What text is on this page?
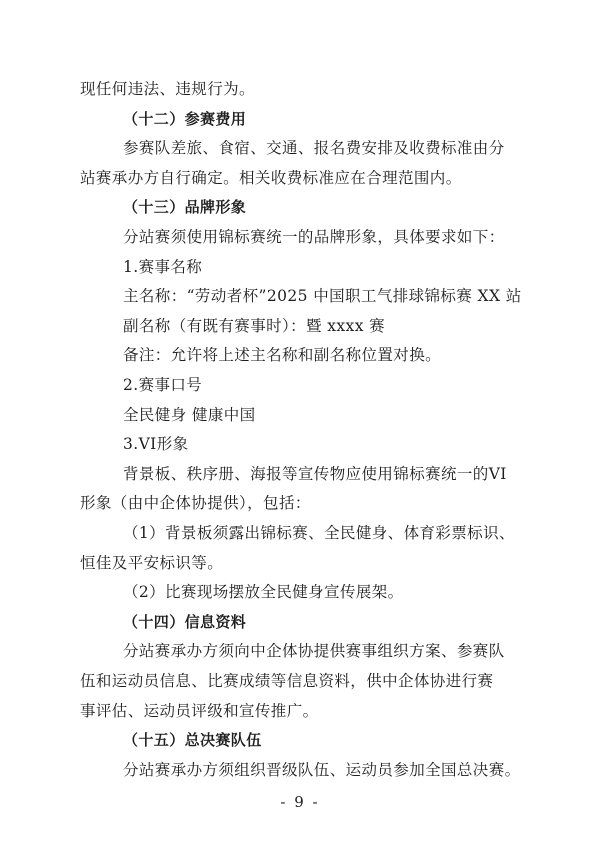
现任何违法、违规行为。
（十二）参赛费用
参赛队差旅、食宿、交通、报名费安排及收费标准由分
站赛承办方自行确定。相关收费标准应在合理范围内。
（十三）品牌形象
分站赛须使用锦标赛统一的品牌形象，具体要求如下：
1.赛事名称
主名称：“劳动者杯”2025 中国职工气排球锦标赛 XX 站
副名称（有既有赛事时）：暨 xxxx 赛
备注：允许将上述主名称和副名称位置对换。
2.赛事口号
全民健身 健康中国
3.VI形象
背景板、秩序册、海报等宣传物应使用锦标赛统一的VI
形象（由中企体协提供），包括：
（1）背景板须露出锦标赛、全民健身、体育彩票标识、
恒佳及平安标识等。
（2）比赛现场摆放全民健身宣传展架。
（十四）信息资料
分站赛承办方须向中企体协提供赛事组织方案、参赛队
伍和运动员信息、比赛成绩等信息资料，供中企体协进行赛
事评估、运动员评级和宣传推广。
（十五）总决赛队伍
分站赛承办方须组织晋级队伍、运动员参加全国总决赛。
- 9 -
